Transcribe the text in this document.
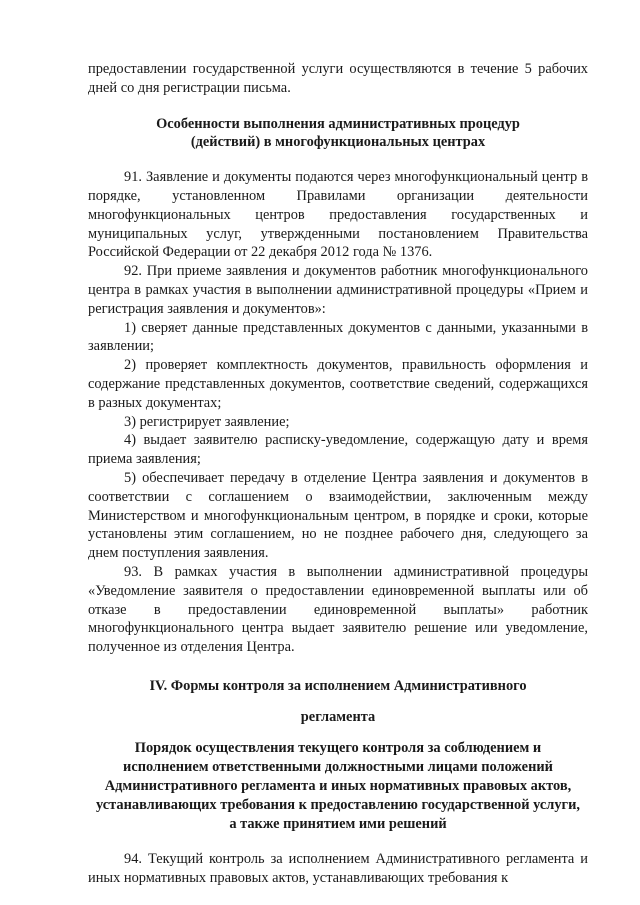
предоставлении государственной услуги осуществляются в течение 5 рабочих дней со дня регистрации письма.

Особенности выполнения административных процедур (действий) в многофункциональных центрах

91. Заявление и документы подаются через многофункциональный центр в порядке, установленном Правилами организации деятельности многофункциональных центров предоставления государственных и муниципальных услуг, утвержденными постановлением Правительства Российской Федерации от 22 декабря 2012 года № 1376.

92. При приеме заявления и документов работник многофункционального центра в рамках участия в выполнении административной процедуры «Прием и регистрация заявления и документов»:

1) сверяет данные представленных документов с данными, указанными в заявлении;

2) проверяет комплектность документов, правильность оформления и содержание представленных документов, соответствие сведений, содержащихся в разных документах;

3) регистрирует заявление;

4) выдает заявителю расписку-уведомление, содержащую дату и время приема заявления;

5) обеспечивает передачу в отделение Центра заявления и документов в соответствии с соглашением о взаимодействии, заключенным между Министерством и многофункциональным центром, в порядке и сроки, которые установлены этим соглашением, но не позднее рабочего дня, следующего за днем поступления заявления.

93. В рамках участия в выполнении административной процедуры «Уведомление заявителя о предоставлении единовременной выплаты или об отказе в предоставлении единовременной выплаты» работник многофункционального центра выдает заявителю решение или уведомление, полученное из отделения Центра.

IV. Формы контроля за исполнением Административного

регламента

Порядок осуществления текущего контроля за соблюдением и исполнением ответственными должностными лицами положений Административного регламента и иных нормативных правовых актов, устанавливающих требования к предоставлению государственной услуги, а также принятием ими решений

94. Текущий контроль за исполнением Административного регламента и иных нормативных правовых актов, устанавливающих требования к
